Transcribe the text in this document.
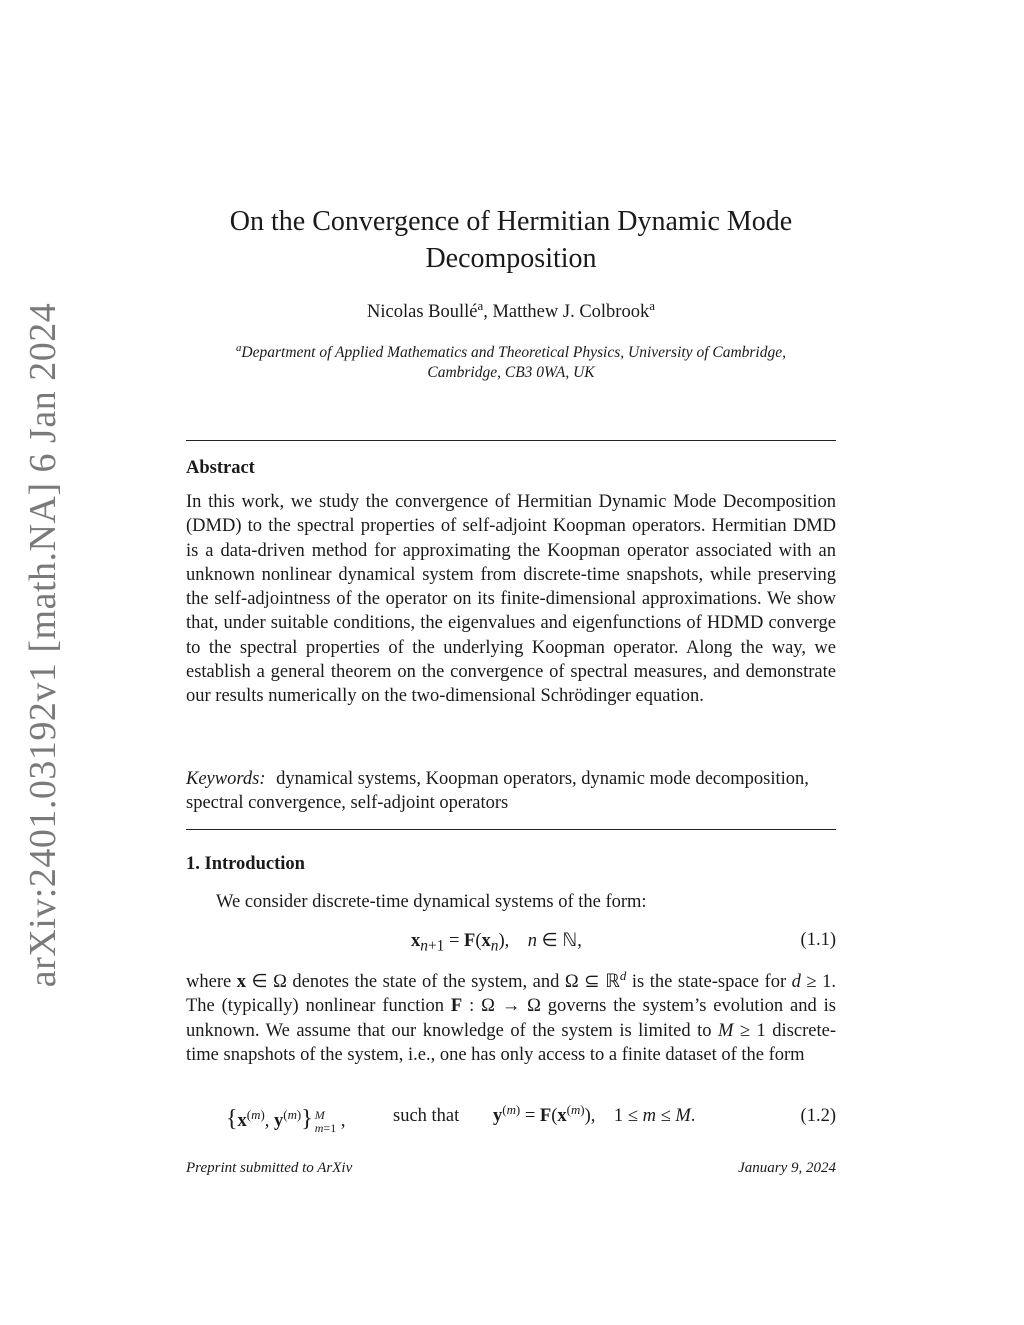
arXiv:2401.03192v1 [math.NA] 6 Jan 2024
On the Convergence of Hermitian Dynamic Mode Decomposition
Nicolas Boullé$^a$, Matthew J. Colbrook$^a$
$^a$Department of Applied Mathematics and Theoretical Physics, University of Cambridge, Cambridge, CB3 0WA, UK
Abstract

In this work, we study the convergence of Hermitian Dynamic Mode Decomposition (DMD) to the spectral properties of self-adjoint Koopman operators. Hermitian DMD is a data-driven method for approximating the Koopman operator associated with an unknown nonlinear dynamical system from discrete-time snapshots, while preserving the self-adjointness of the operator on its finite-dimensional approximations. We show that, under suitable conditions, the eigenvalues and eigenfunctions of HDMD converge to the spectral properties of the underlying Koopman operator. Along the way, we establish a general theorem on the convergence of spectral measures, and demonstrate our results numerically on the two-dimensional Schrödinger equation.

Keywords: dynamical systems, Koopman operators, dynamic mode decomposition, spectral convergence, self-adjoint operators
1. Introduction
We consider discrete-time dynamical systems of the form:
$x_{n+1} = F(x_n)$,    n ∈ ℕ,	(1.1)

where x ∈ Ω denotes the state of the system, and Ω ⊆ ℝ$^d$ is the state-space for d ≥ 1. The (typically) nonlinear function F : Ω → Ω governs the system’s evolution and is unknown. We assume that our knowledge of the system is limited to M ≥ 1 discrete-time snapshots of the system, i.e., one has only access to a finite dataset of the form

{$x^{(m)}$, $y^{(m)}$} M
m=1 ,	such that $y^{(m)} = F(x^{(m)})$,    1 ≤ m ≤ M.	(1.2)
Preprint submitted to ArXiv	January 9, 2024
